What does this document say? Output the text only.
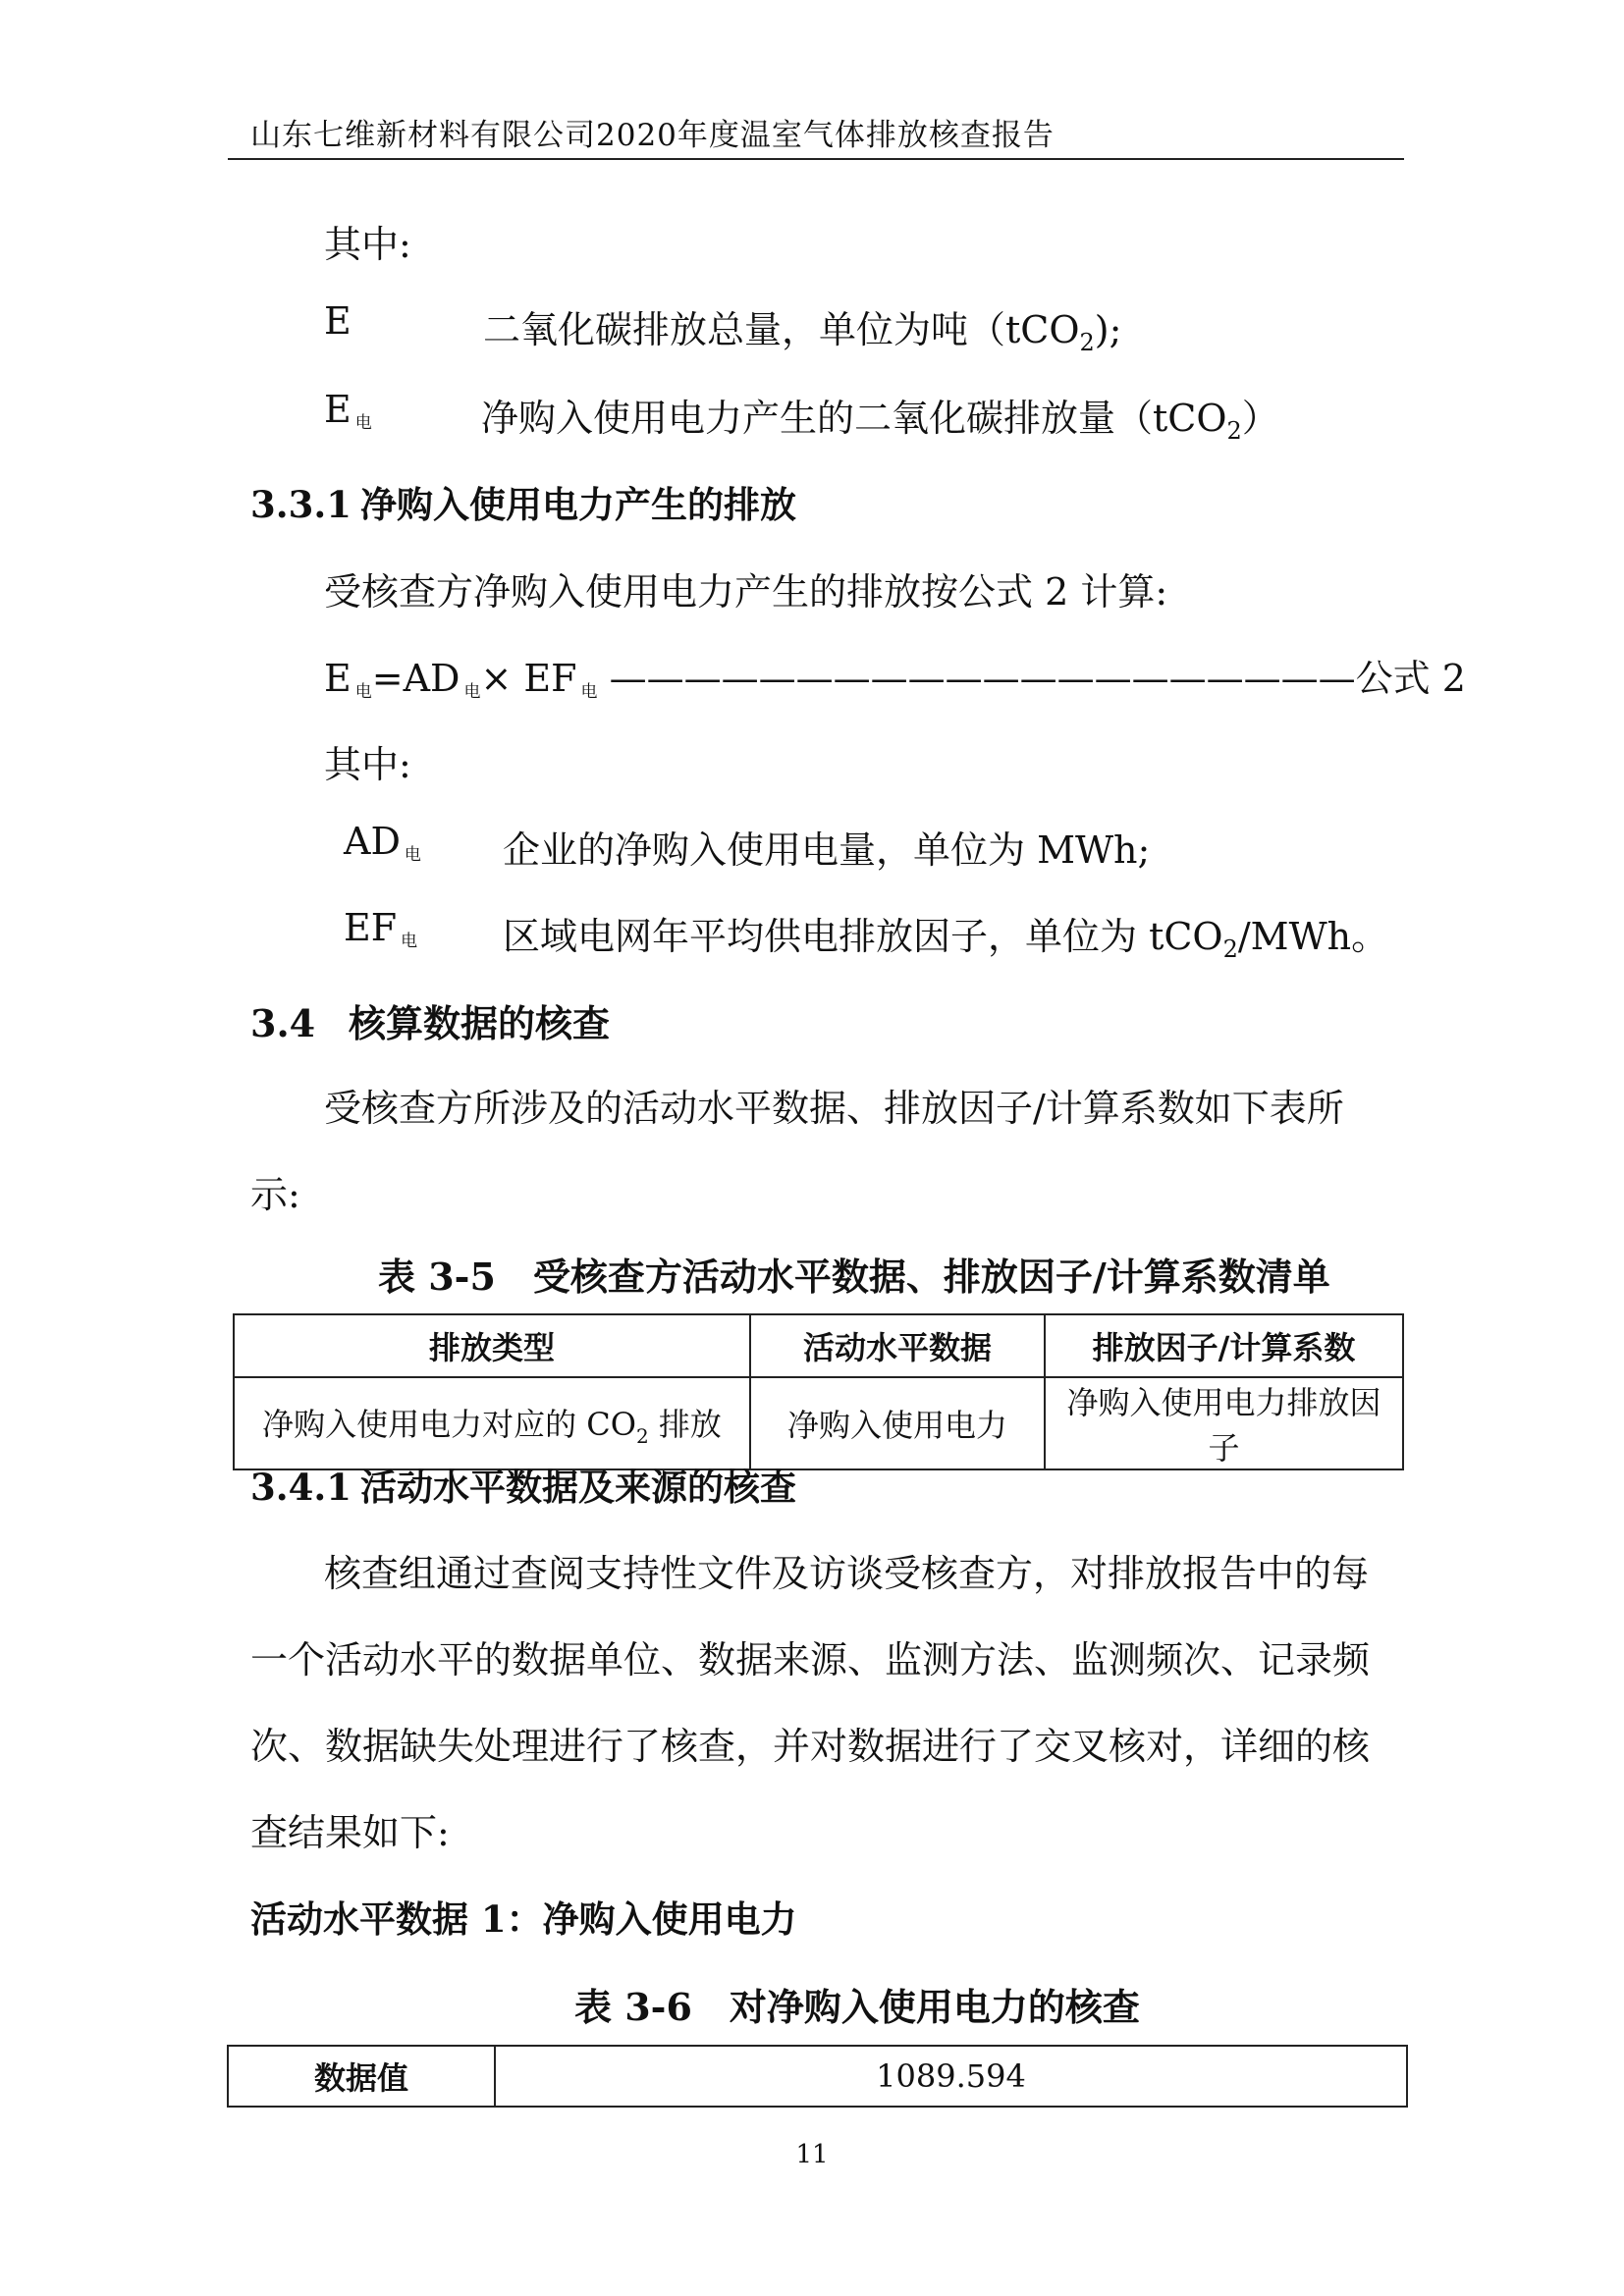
山东七维新材料有限公司2020年度温室气体排放核查报告
其中:
E	二氧化碳排放总量，单位为吨（tCO$_2$);
E $_电$	净购入使用电力产生的二氧化碳排放量（tCO$_2$）
3.3.1 净购入使用电力产生的排放
受核查方净购入使用电力产生的排放按公式 2 计算:
E $_电$=AD $_电$× EF $_电$ ————————————————————公式 2
其中:
AD $_电$ 企业的净购入使用电量，单位为 MWh;
EF $_电$ 区域电网年平均供电排放因子，单位为 tCO$_2$/MWh。
3.4 核算数据的核查
受核查方所涉及的活动水平数据、排放因子/计算系数如下表所
示:
表 3-5　受核查方活动水平数据、排放因子/计算系数清单
排放类型	活动水平数据	排放因子/计算系数
净购入使用电力对应的 $CO_2$ 排放	净购入使用电力	净购入使用电力排放因子
3.4.1 活动水平数据及来源的核查
核查组通过查阅支持性文件及访谈受核查方，对排放报告中的每
一个活动水平的数据单位、数据来源、监测方法、监测频次、记录频
次、数据缺失处理进行了核查，并对数据进行了交叉核对，详细的核
查结果如下:
活动水平数据 1：净购入使用电力
表 3-6　对净购入使用电力的核查
数据值	1089.594
11
